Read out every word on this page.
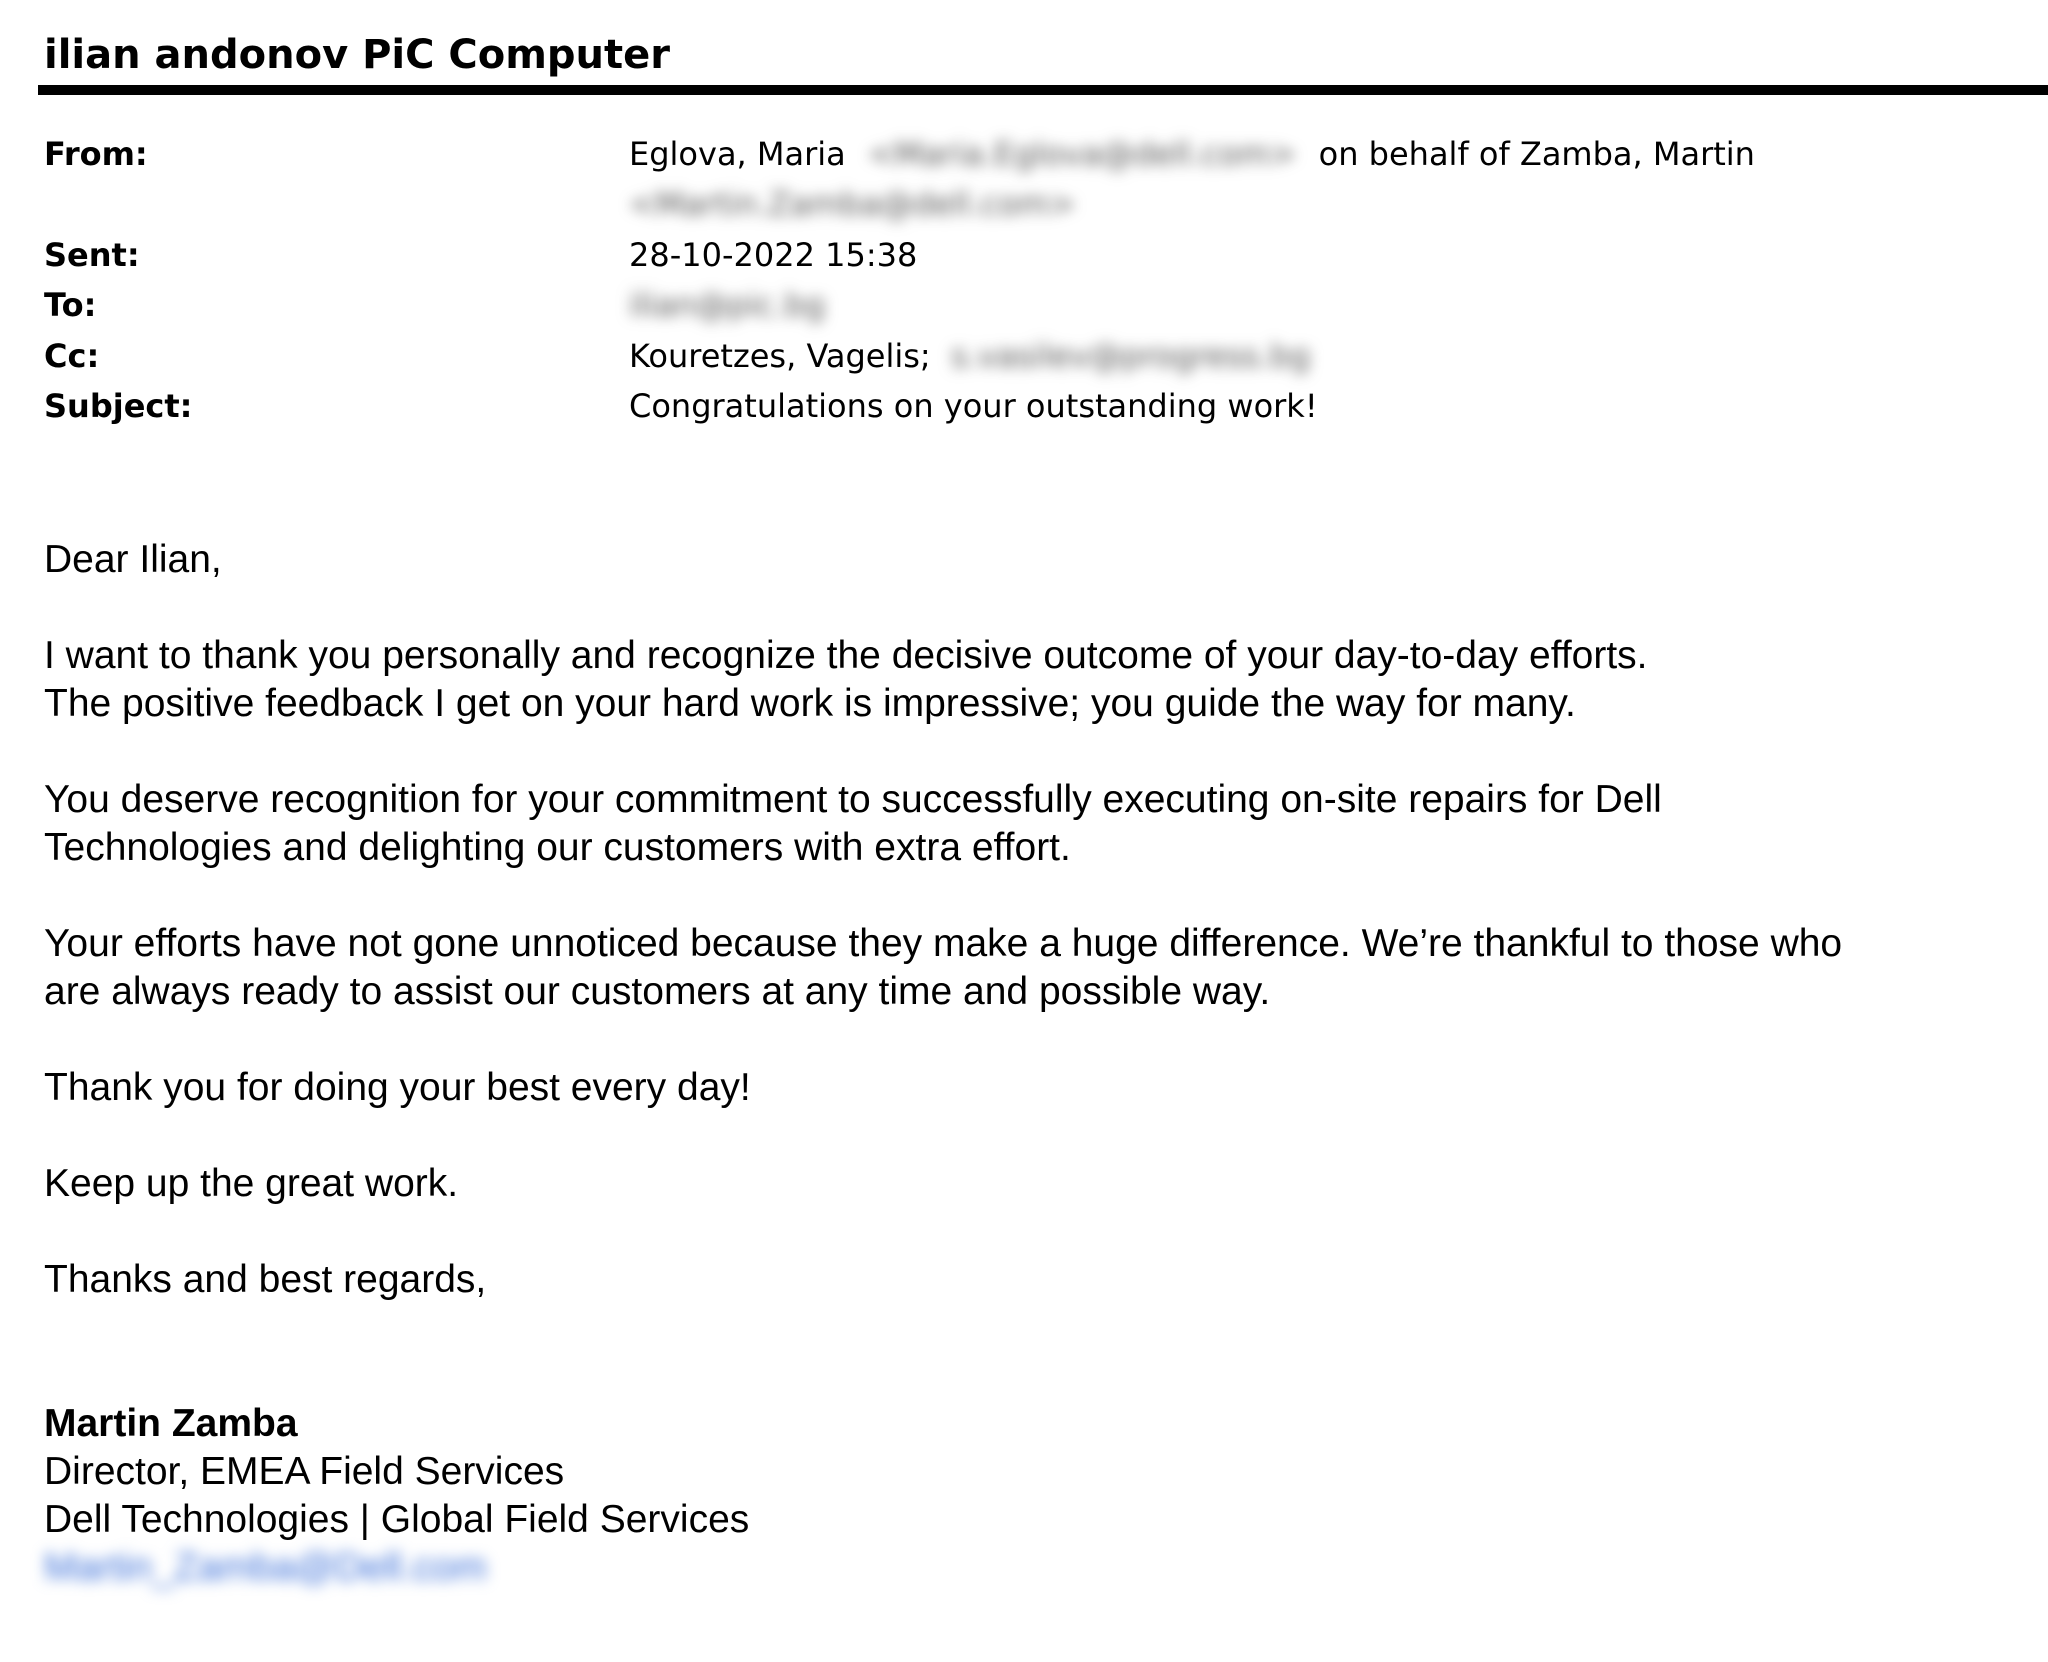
ilian andonov PiC Computer
From:	Eglova, Maria <Maria.Eglova@dell.com> on behalf of Zamba, Martin
<Martin.Zamba@dell.com>
Sent:	28-10-2022 15:38
To:	ilian@pic.bg
Cc:	Kouretzes, Vagelis; s.vasilev@progress.bg
Subject:	Congratulations on your outstanding work!

Dear Ilian,

I want to thank you personally and recognize the decisive outcome of your day-to-day efforts.

The positive feedback I get on your hard work is impressive; you guide the way for many.

You deserve recognition for your commitment to successfully executing on-site repairs for Dell

Technologies and delighting our customers with extra effort.

Your efforts have not gone unnoticed because they make a huge difference. We’re thankful to those who

are always ready to assist our customers at any time and possible way.

Thank you for doing your best every day!

Keep up the great work.

Thanks and best regards,

Martin Zamba

Director, EMEA Field Services

Dell Technologies | Global Field Services

Martin_Zamba@Dell.com
